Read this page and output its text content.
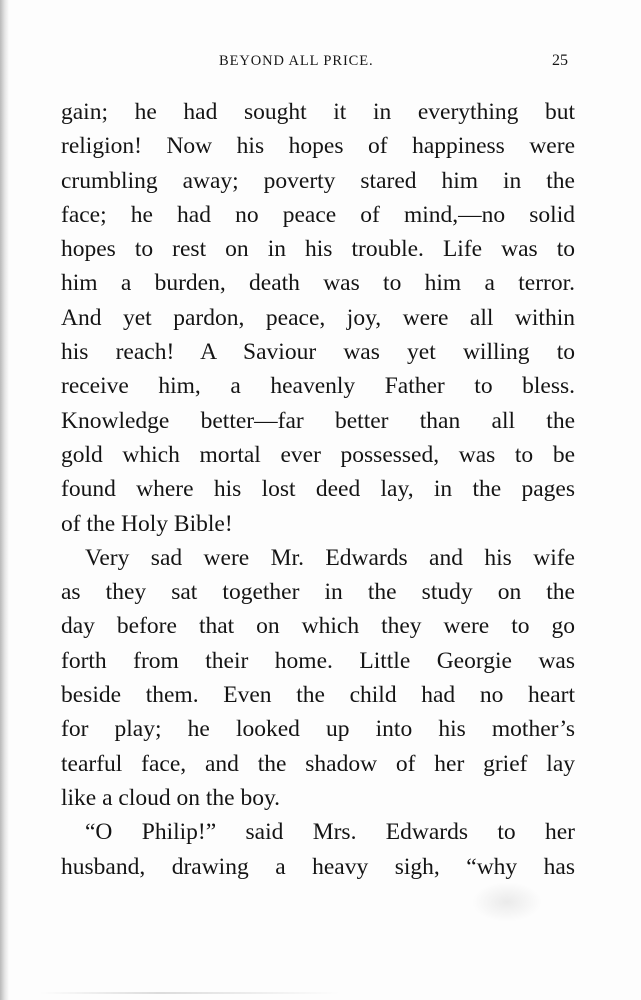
BEYOND ALL PRICE.	25
gain; he had sought it in everything but
religion! Now his hopes of happiness were
crumbling away; poverty stared him in the
face; he had no peace of mind,—no solid
hopes to rest on in his trouble. Life was to
him a burden, death was to him a terror.
And yet pardon, peace, joy, were all within
his reach! A Saviour was yet willing to
receive him, a heavenly Father to bless.
Knowledge better—far better than all the
gold which mortal ever possessed, was to be
found where his lost deed lay, in the pages
of the Holy Bible!
Very sad were Mr. Edwards and his wife
as they sat together in the study on the
day before that on which they were to go
forth from their home. Little Georgie was
beside them. Even the child had no heart
for play; he looked up into his mother’s
tearful face, and the shadow of her grief lay
like a cloud on the boy.
“O Philip!” said Mrs. Edwards to her
husband, drawing a heavy sigh, “why has
